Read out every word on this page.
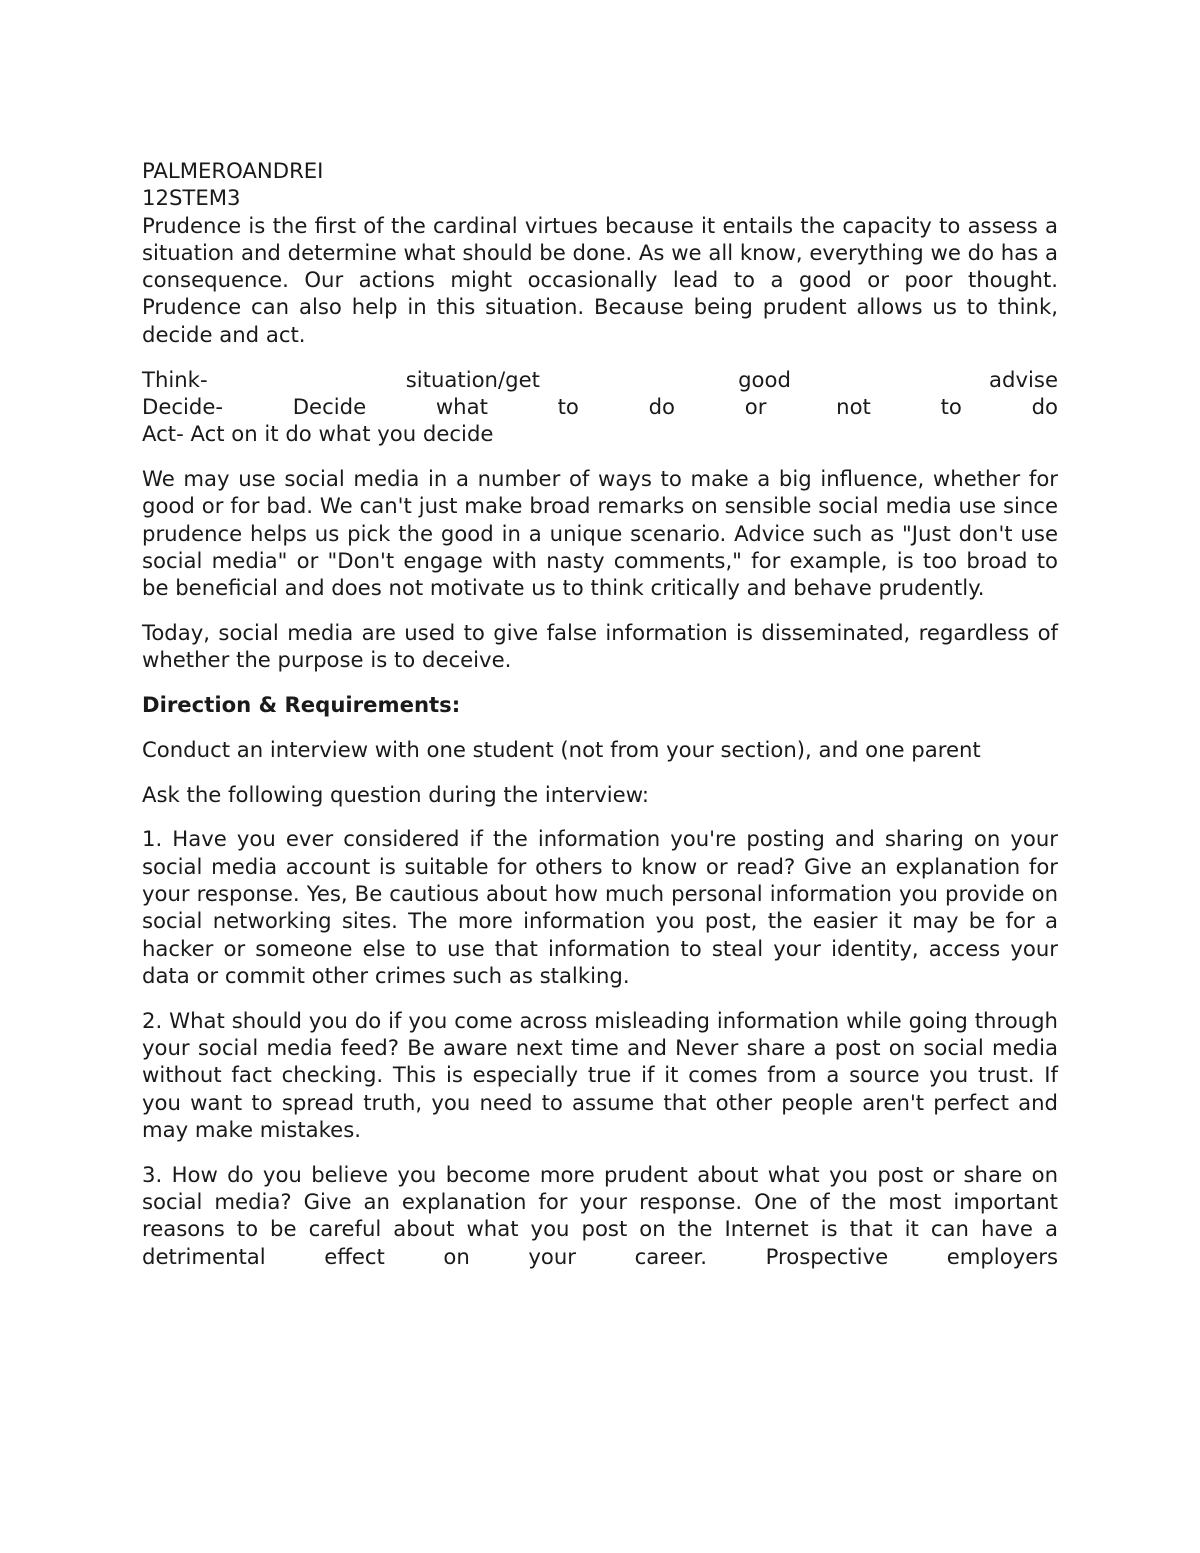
PALMEROANDREI

12STEM3

Prudence is the first of the cardinal virtues because it entails the capacity to assess a situation and determine what should be done. As we all know, everything we do has a consequence. Our actions might occasionally lead to a good or poor thought. Prudence can also help in this situation. Because being prudent allows us to think, decide and act.

Think- situation/get good advise

Decide- Decide what to do or not to do

Act- Act on it do what you decide

We may use social media in a number of ways to make a big influence, whether for good or for bad. We can't just make broad remarks on sensible social media use since prudence helps us pick the good in a unique scenario. Advice such as "Just don't use social media" or "Don't engage with nasty comments," for example, is too broad to be beneficial and does not motivate us to think critically and behave prudently.

Today, social media are used to give false information is disseminated, regardless of whether the purpose is to deceive.

Direction & Requirements:

Conduct an interview with one student (not from your section), and one parent

Ask the following question during the interview:

1. Have you ever considered if the information you're posting and sharing on your social media account is suitable for others to know or read? Give an explanation for your response. Yes, Be cautious about how much personal information you provide on social networking sites. The more information you post, the easier it may be for a hacker or someone else to use that information to steal your identity, access your data or commit other crimes such as stalking.

2. What should you do if you come across misleading information while going through your social media feed? Be aware next time and Never share a post on social media without fact checking. This is especially true if it comes from a source you trust. If you want to spread truth, you need to assume that other people aren't perfect and may make mistakes.

3. How do you believe you become more prudent about what you post or share on social media? Give an explanation for your response. One of the most important reasons to be careful about what you post on the Internet is that it can have a detrimental effect on your career. Prospective employers
